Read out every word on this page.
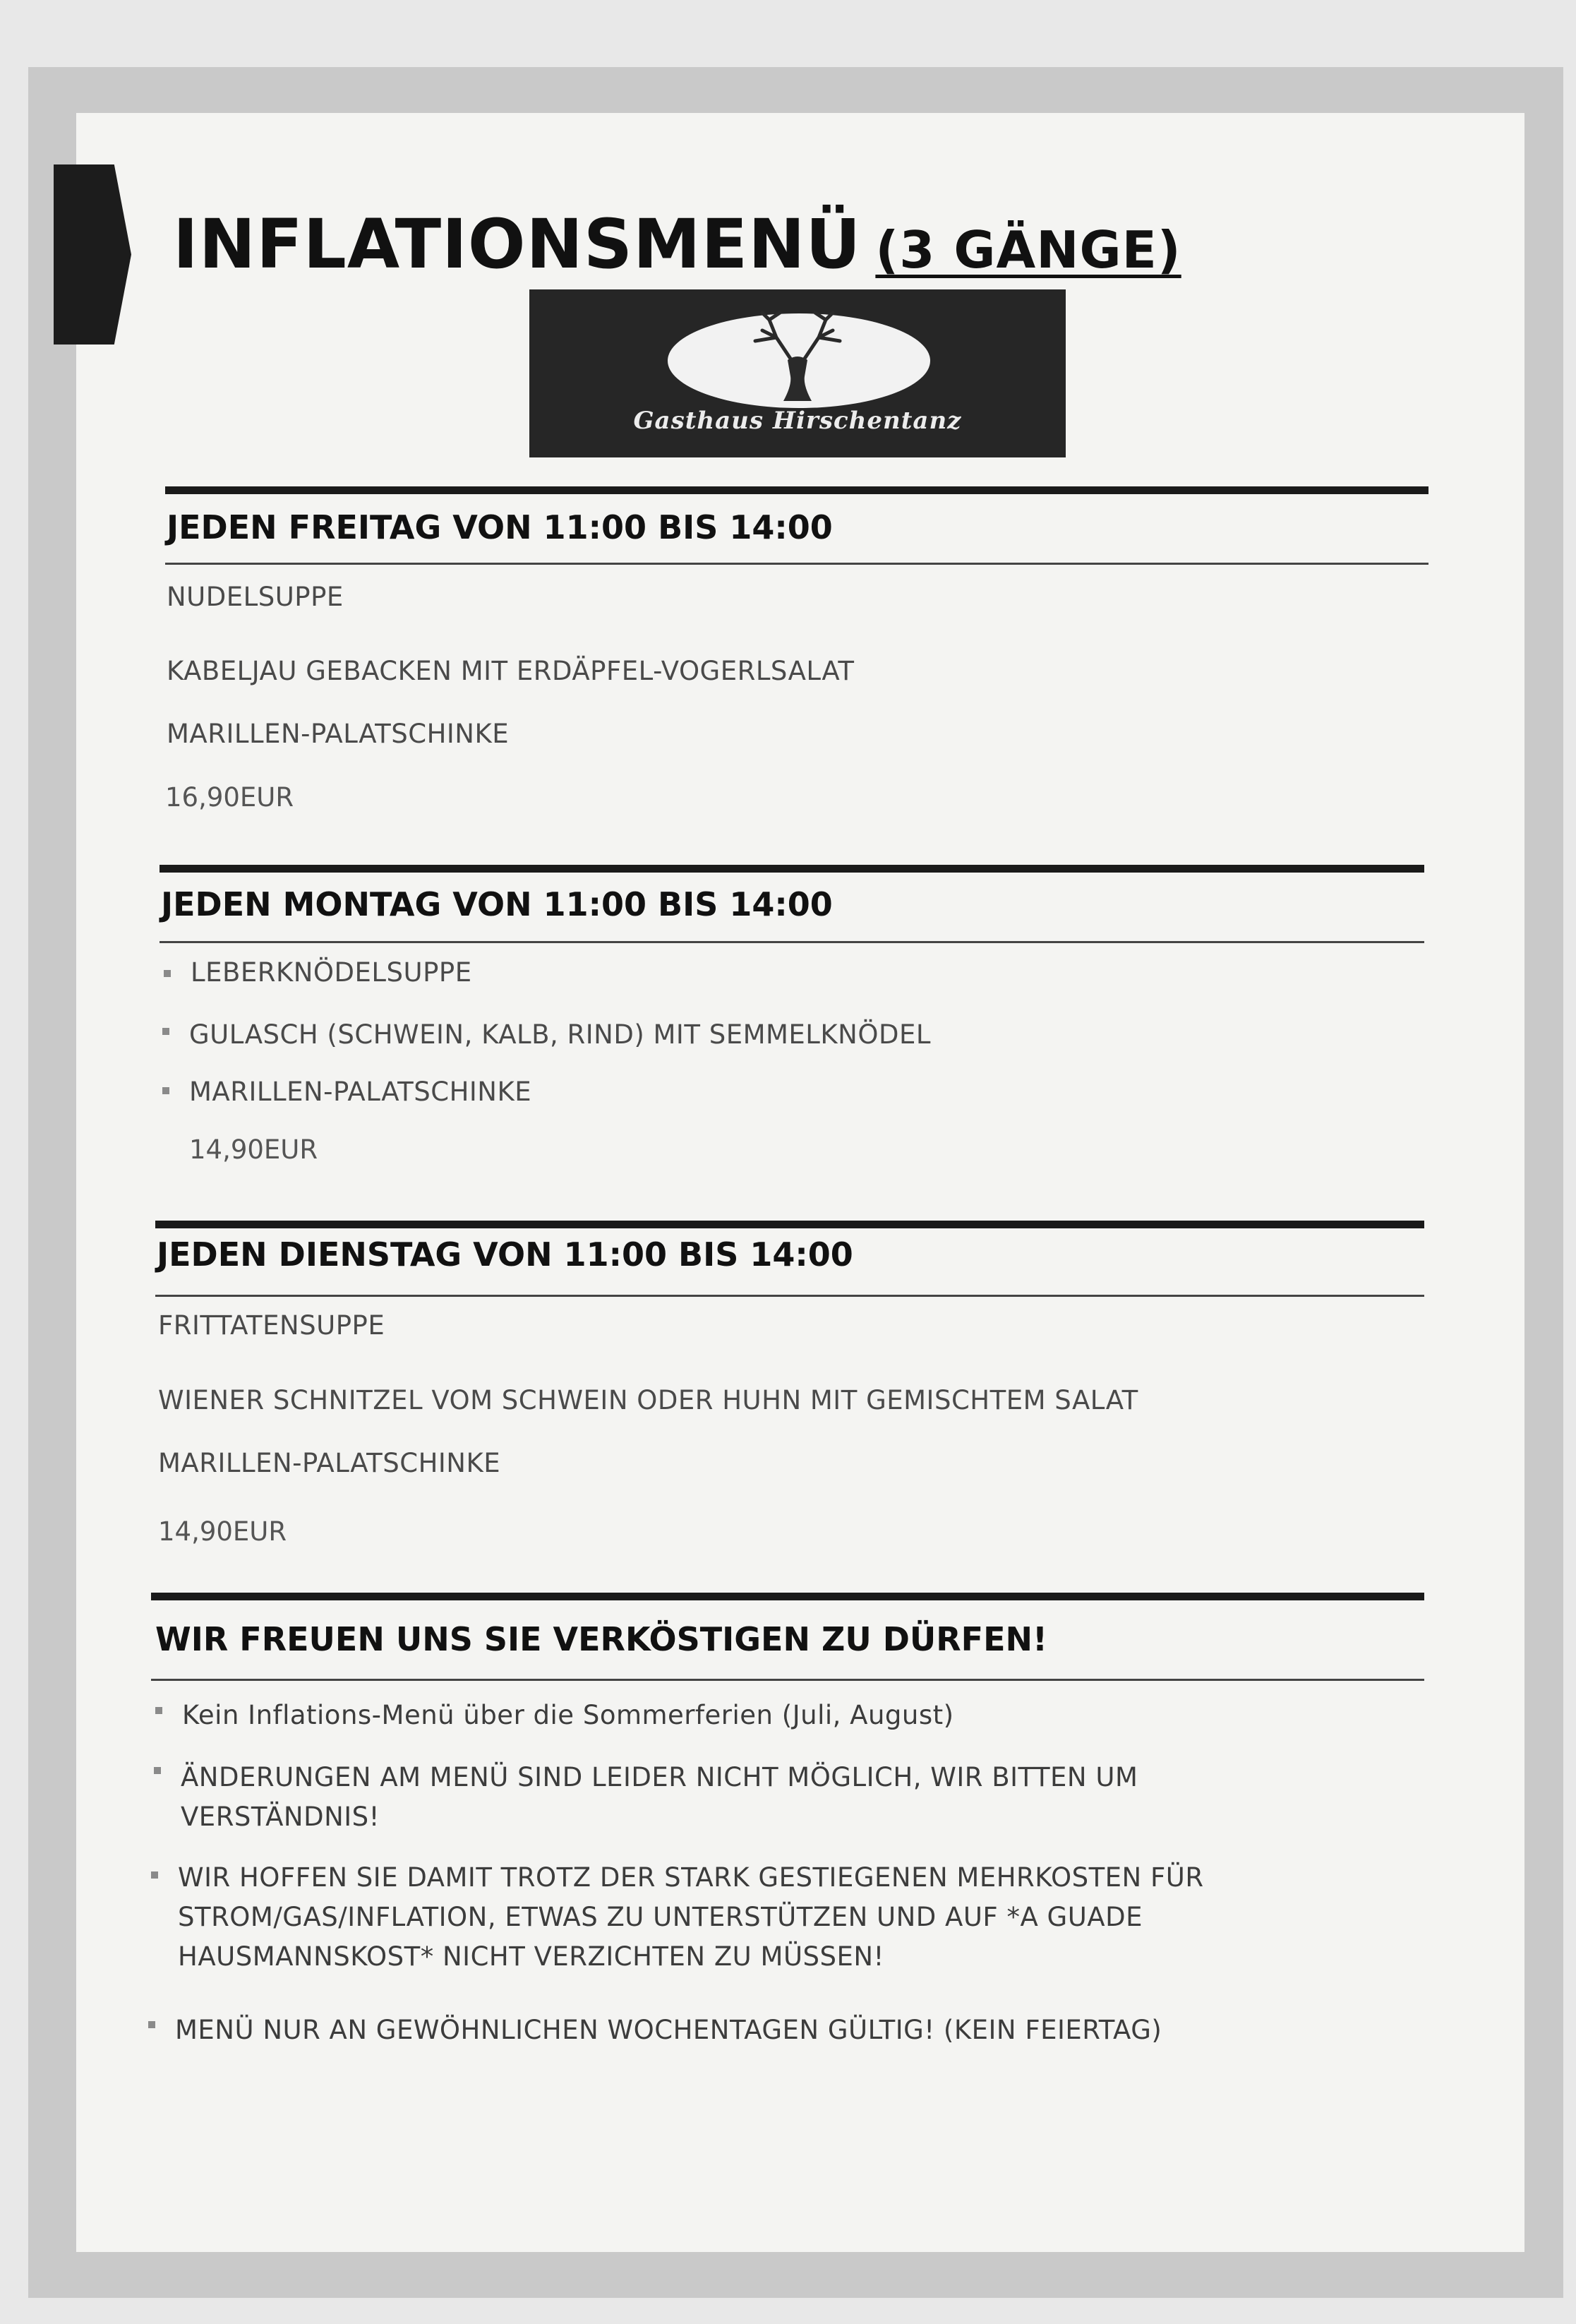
INFLATIONSMENÜ (3 GÄNGE)
Gasthaus Hirschentanz
JEDEN FREITAG VON 11:00 BIS 14:00
NUDELSUPPE
KABELJAU GEBACKEN MIT ERDÄPFEL-VOGERLSALAT
MARILLEN-PALATSCHINKE
16,90EUR
JEDEN MONTAG VON 11:00 BIS 14:00
LEBERKNÖDELSUPPE
GULASCH (SCHWEIN, KALB, RIND) MIT SEMMELKNÖDEL
MARILLEN-PALATSCHINKE
14,90EUR
JEDEN DIENSTAG VON 11:00 BIS 14:00
FRITTATENSUPPE
WIENER SCHNITZEL VOM SCHWEIN ODER HUHN MIT GEMISCHTEM SALAT
MARILLEN-PALATSCHINKE
14,90EUR
WIR FREUEN UNS SIE VERKÖSTIGEN ZU DÜRFEN!
Kein Inflations-Menü über die Sommerferien (Juli, August)
ÄNDERUNGEN AM MENÜ SIND LEIDER NICHT MÖGLICH, WIR BITTEN UM VERSTÄNDNIS!
WIR HOFFEN SIE DAMIT TROTZ DER STARK GESTIEGENEN MEHRKOSTEN FÜR STROM/GAS/INFLATION, ETWAS ZU UNTERSTÜTZEN UND AUF *A GUADE HAUSMANNSKOST* NICHT VERZICHTEN ZU MÜSSEN!
MENÜ NUR AN GEWÖHNLICHEN WOCHENTAGEN GÜLTIG! (KEIN FEIERTAG)
